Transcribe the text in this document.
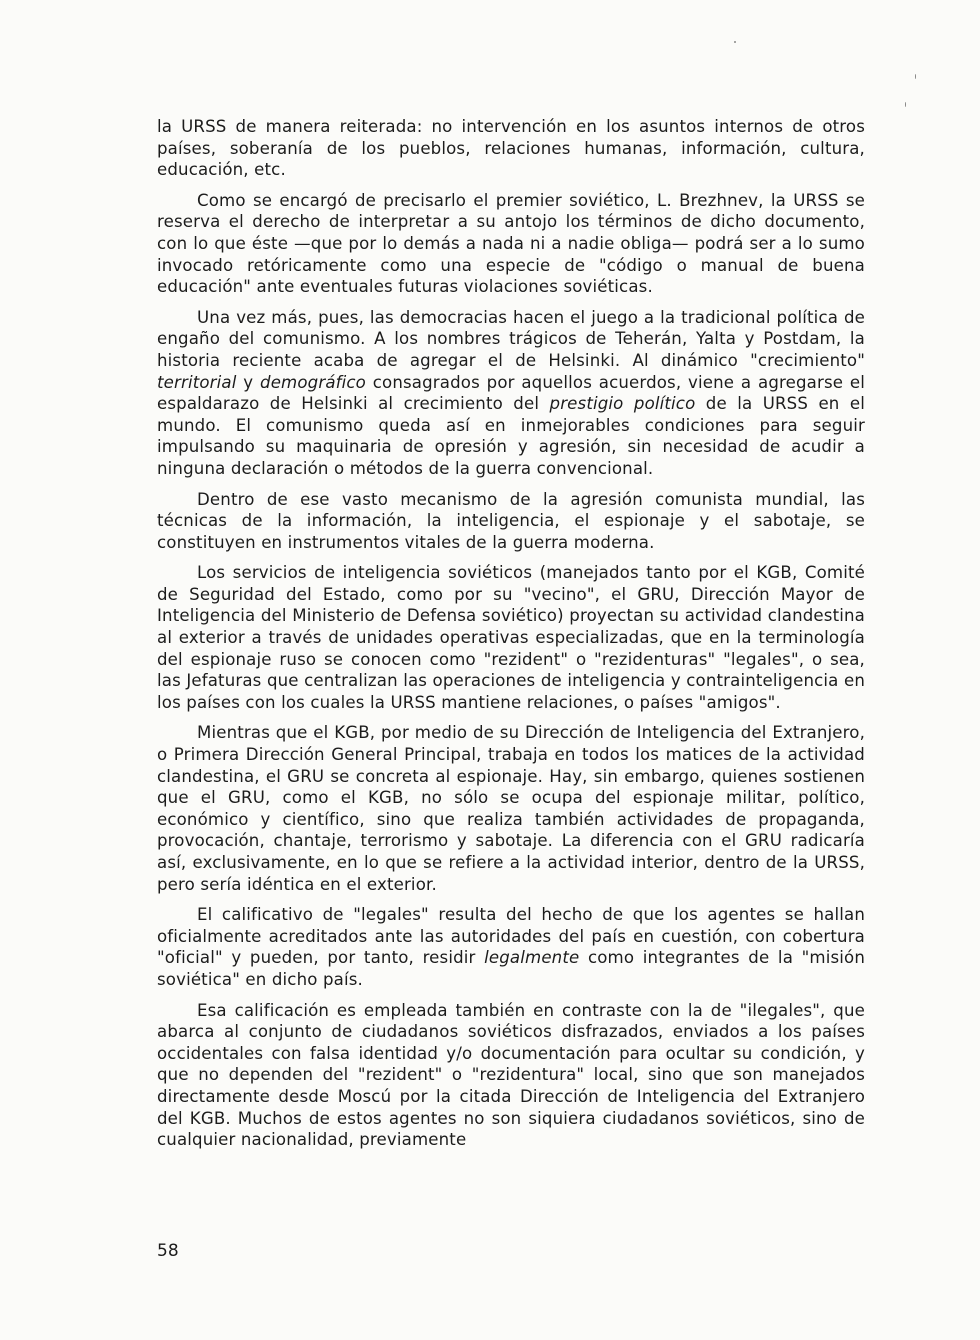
la URSS de manera reiterada: no intervención en los asuntos internos de otros países, soberanía de los pueblos, relaciones humanas, información, cultura, educación, etc.

Como se encargó de precisarlo el premier soviético, L. Brezhnev, la URSS se reserva el derecho de interpretar a su antojo los términos de dicho documento, con lo que éste —que por lo demás a nada ni a nadie obliga— podrá ser a lo sumo invocado retóricamente como una especie de "código o manual de buena educación" ante eventuales futuras violaciones soviéticas.

Una vez más, pues, las democracias hacen el juego a la tradicional política de engaño del comunismo. A los nombres trágicos de Teherán, Yalta y Postdam, la historia reciente acaba de agregar el de Helsinki. Al dinámico "crecimiento" territorial y demográfico consagrados por aquellos acuerdos, viene a agregarse el espaldarazo de Helsinki al crecimiento del prestigio político de la URSS en el mundo. El comunismo queda así en inmejorables condiciones para seguir impulsando su maquinaria de opresión y agresión, sin necesidad de acudir a ninguna declaración o métodos de la guerra convencional.

Dentro de ese vasto mecanismo de la agresión comunista mundial, las técnicas de la información, la inteligencia, el espionaje y el sabotaje, se constituyen en instrumentos vitales de la guerra moderna.

Los servicios de inteligencia soviéticos (manejados tanto por el KGB, Comité de Seguridad del Estado, como por su "vecino", el GRU, Dirección Mayor de Inteligencia del Ministerio de Defensa soviético) proyectan su actividad clandestina al exterior a través de unidades operativas especializadas, que en la terminología del espionaje ruso se conocen como "rezident" o "rezidenturas" "legales", o sea, las Jefaturas que centralizan las operaciones de inteligencia y contrainteligencia en los países con los cuales la URSS mantiene relaciones, o países "amigos".

Mientras que el KGB, por medio de su Dirección de Inteligencia del Extranjero, o Primera Dirección General Principal, trabaja en todos los matices de la actividad clandestina, el GRU se concreta al espionaje. Hay, sin embargo, quienes sostienen que el GRU, como el KGB, no sólo se ocupa del espionaje militar, político, económico y científico, sino que realiza también actividades de propaganda, provocación, chantaje, terrorismo y sabotaje. La diferencia con el GRU radicaría así, exclusivamente, en lo que se refiere a la actividad interior, dentro de la URSS, pero sería idéntica en el exterior.

El calificativo de "legales" resulta del hecho de que los agentes se hallan oficialmente acreditados ante las autoridades del país en cuestión, con cobertura "oficial" y pueden, por tanto, residir legalmente como integrantes de la "misión soviética" en dicho país.

Esa calificación es empleada también en contraste con la de "ilegales", que abarca al conjunto de ciudadanos soviéticos disfrazados, enviados a los países occidentales con falsa identidad y/o documentación para ocultar su condición, y que no dependen del "rezident" o "rezidentura" local, sino que son manejados directamente desde Moscú por la citada Dirección de Inteligencia del Extranjero del KGB. Muchos de estos agentes no son siquiera ciudadanos soviéticos, sino de cualquier nacionalidad, previamente

58
